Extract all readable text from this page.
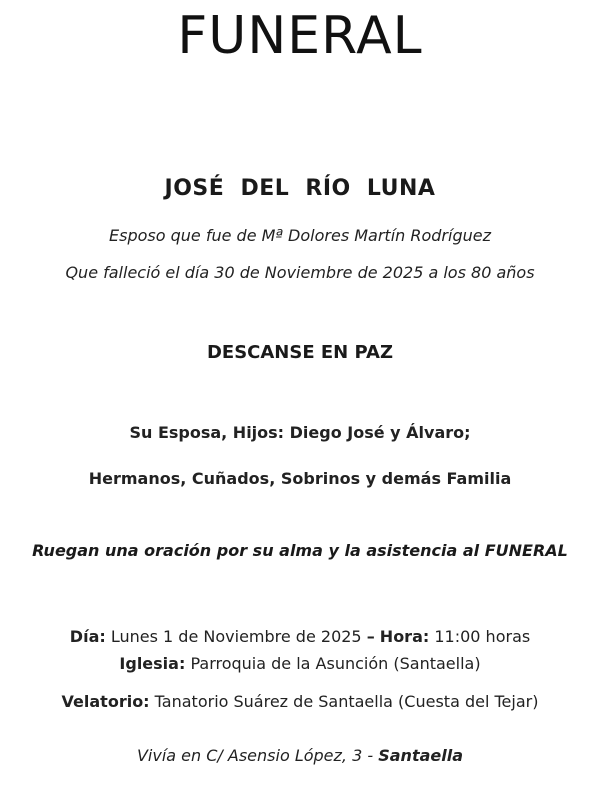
FUNERAL
JOSÉ DEL RÍO LUNA
Esposo que fue de Mª Dolores Martín Rodríguez
Que falleció el día 30 de Noviembre de 2025 a los 80 años
DESCANSE EN PAZ
Su Esposa, Hijos: Diego José y Álvaro;
Hermanos, Cuñados, Sobrinos y demás Familia
Ruegan una oración por su alma y la asistencia al FUNERAL
Día: Lunes 1 de Noviembre de 2025 – Hora: 11:00 horas
Iglesia: Parroquia de la Asunción (Santaella)
Velatorio: Tanatorio Suárez de Santaella (Cuesta del Tejar)
Vivía en C/ Asensio López, 3 - Santaella
